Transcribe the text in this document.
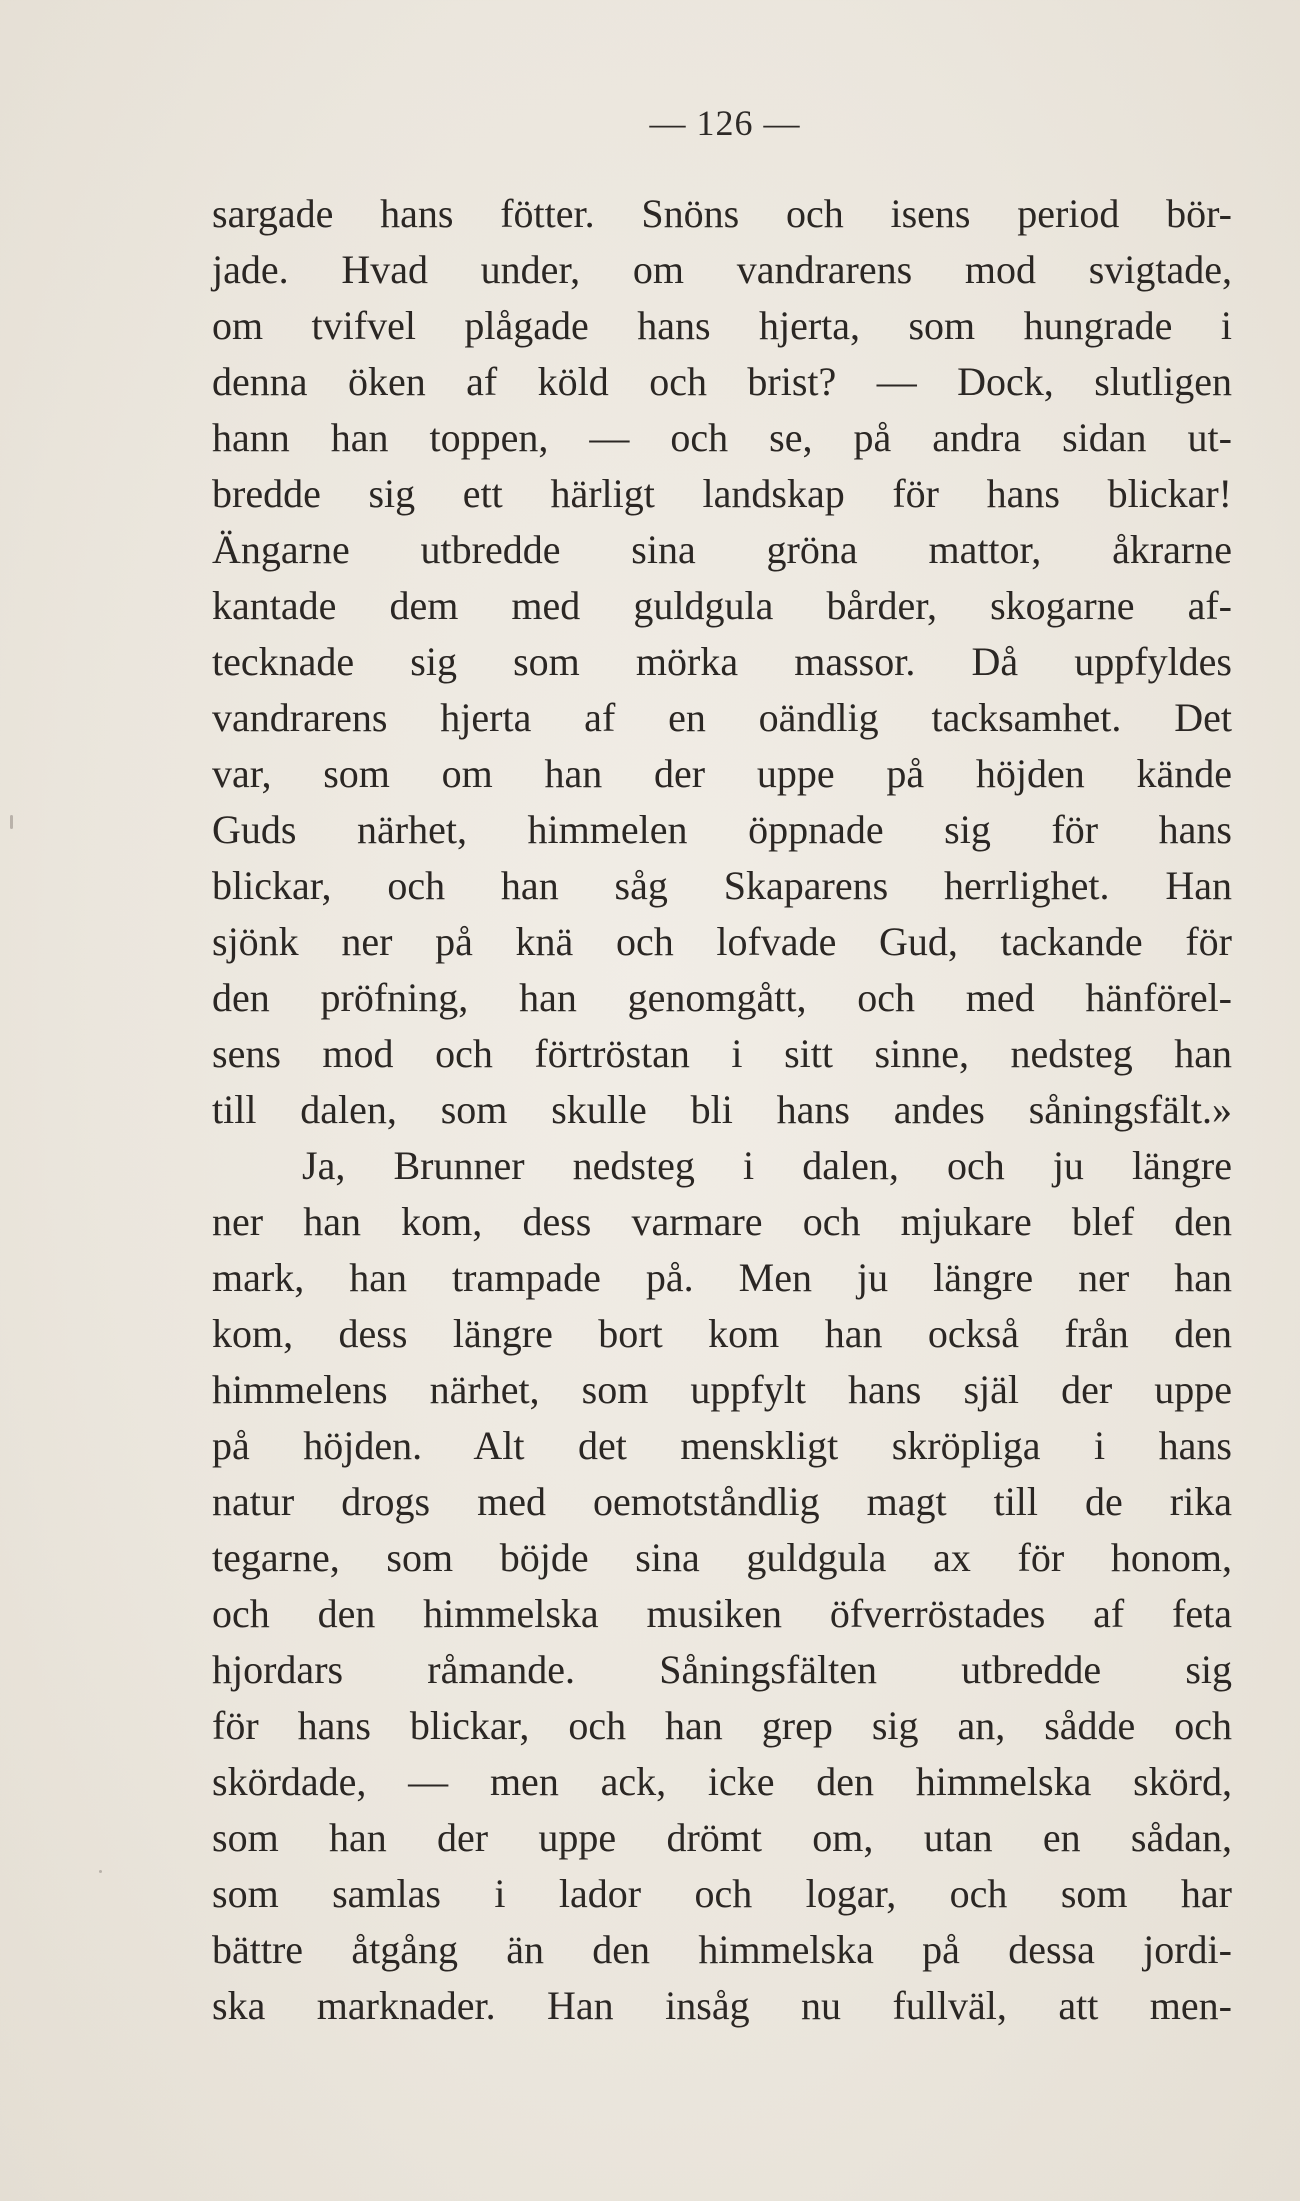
— 126 —
sargade hans fötter. Snöns och isens period bör-
jade. Hvad under, om vandrarens mod svigtade,
om tvifvel plågade hans hjerta, som hungrade i
denna öken af köld och brist? — Dock, slutligen
hann han toppen, — och se, på andra sidan ut-
bredde sig ett härligt landskap för hans blickar!
Ängarne utbredde sina gröna mattor, åkrarne
kantade dem med guldgula bårder, skogarne af-
tecknade sig som mörka massor. Då uppfyldes
vandrarens hjerta af en oändlig tacksamhet. Det
var, som om han der uppe på höjden kände
Guds närhet, himmelen öppnade sig för hans
blickar, och han såg Skaparens herrlighet. Han
sjönk ner på knä och lofvade Gud, tackande för
den pröfning, han genomgått, och med hänförel-
sens mod och förtröstan i sitt sinne, nedsteg han
till dalen, som skulle bli hans andes såningsfält.»
Ja, Brunner nedsteg i dalen, och ju längre
ner han kom, dess varmare och mjukare blef den
mark, han trampade på. Men ju längre ner han
kom, dess längre bort kom han också från den
himmelens närhet, som uppfylt hans själ der uppe
på höjden. Alt det menskligt skröpliga i hans
natur drogs med oemotståndlig magt till de rika
tegarne, som böjde sina guldgula ax för honom,
och den himmelska musiken öfverröstades af feta
hjordars råmande. Såningsfälten utbredde sig
för hans blickar, och han grep sig an, sådde och
skördade, — men ack, icke den himmelska skörd,
som han der uppe drömt om, utan en sådan,
som samlas i lador och logar, och som har
bättre åtgång än den himmelska på dessa jordi-
ska marknader. Han insåg nu fullväl, att men-
